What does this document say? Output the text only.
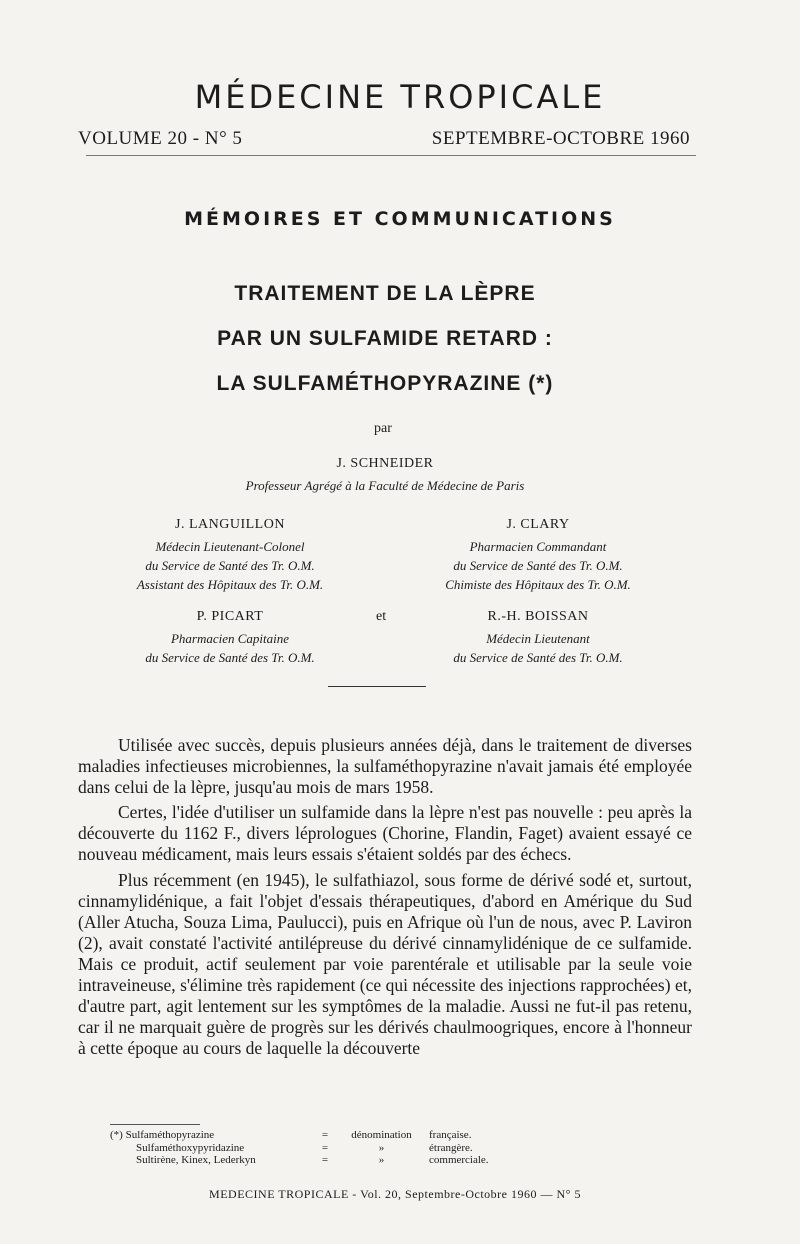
MÉDECINE TROPICALE
VOLUME 20 - N° 5	SEPTEMBRE-OCTOBRE 1960
MÉMOIRES ET COMMUNICATIONS
TRAITEMENT DE LA LÈPRE
PAR UN SULFAMIDE RETARD :
LA SULFAMÉTHOPYRAZINE (*)
par
J. SCHNEIDER
Professeur Agrégé à la Faculté de Médecine de Paris
J. LANGUILLON
Médecin Lieutenant-Colonel
du Service de Santé des Tr. O.M.
Assistant des Hôpitaux des Tr. O.M.
J. CLARY
Pharmacien Commandant
du Service de Santé des Tr. O.M.
Chimiste des Hôpitaux des Tr. O.M.
P. PICART
Pharmacien Capitaine
du Service de Santé des Tr. O.M.
et	R.-H. BOISSAN
Médecin Lieutenant
du Service de Santé des Tr. O.M.

Utilisée avec succès, depuis plusieurs années déjà, dans le traitement de diverses maladies infectieuses microbiennes, la sulfaméthopyrazine n'avait jamais été employée dans celui de la lèpre, jusqu'au mois de mars 1958.

Certes, l'idée d'utiliser un sulfamide dans la lèpre n'est pas nouvelle : peu après la découverte du 1162 F., divers léprologues (Chorine, Flandin, Faget) avaient essayé ce nouveau médicament, mais leurs essais s'étaient soldés par des échecs.

Plus récemment (en 1945), le sulfathiazol, sous forme de dérivé sodé et, surtout, cinnamylidénique, a fait l'objet d'essais thérapeutiques, d'abord en Amérique du Sud (Aller Atucha, Souza Lima, Paulucci), puis en Afrique où l'un de nous, avec P. Laviron (2), avait constaté l'activité antilépreuse du dérivé cinnamylidénique de ce sulfamide. Mais ce produit, actif seulement par voie parentérale et utilisable par la seule voie intraveineuse, s'élimine très rapidement (ce qui nécessite des injections rapprochées) et, d'autre part, agit lentement sur les symptômes de la maladie. Aussi ne fut-il pas retenu, car il ne marquait guère de progrès sur les dérivés chaulmoogriques, encore à l'honneur à cette époque au cours de laquelle la découverte

(*) Sulfaméthopyrazine	=	dénomination	française.
Sulfaméthoxypyridazine	=	»	étrangère.
Sultirène, Kinex, Lederkyn	=	»	commerciale.
MEDECINE TROPICALE - Vol. 20, Septembre-Octobre 1960 — N° 5
